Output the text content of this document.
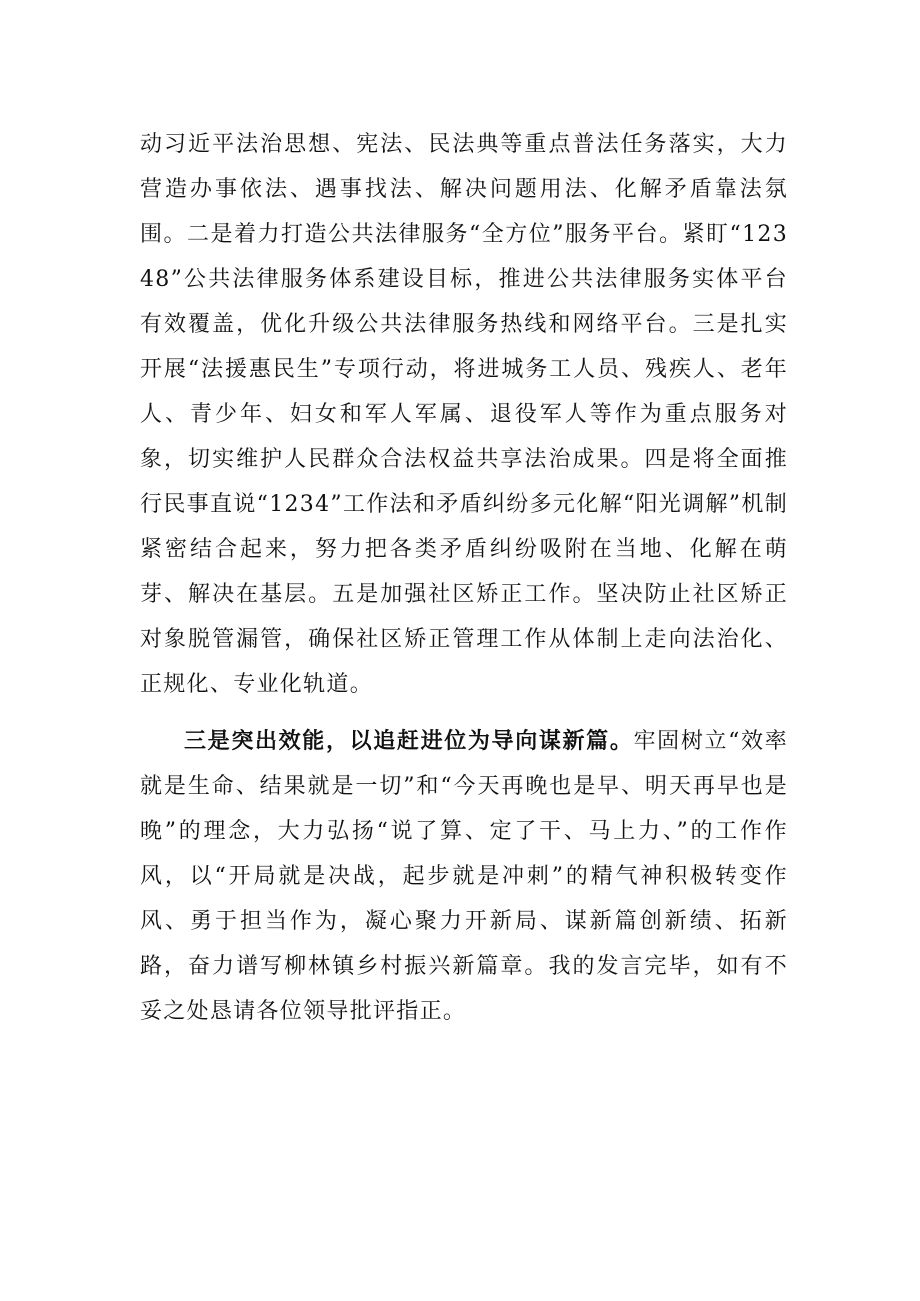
动习近平法治思想、宪法、民法典等重点普法任务落实，大力营造办事依法、遇事找法、解决问题用法、化解矛盾靠法氛围。二是着力打造公共法律服务“全方位”服务平台。紧盯“12348”公共法律服务体系建设目标，推进公共法律服务实体平台有效覆盖，优化升级公共法律服务热线和网络平台。三是扎实开展“法援惠民生”专项行动，将进城务工人员、残疾人、老年人、青少年、妇女和军人军属、退役军人等作为重点服务对象，切实维护人民群众合法权益共享法治成果。四是将全面推行民事直说“1234”工作法和矛盾纠纷多元化解“阳光调解”机制紧密结合起来，努力把各类矛盾纠纷吸附在当地、化解在萌芽、解决在基层。五是加强社区矫正工作。坚决防止社区矫正对象脱管漏管，确保社区矫正管理工作从体制上走向法治化、正规化、专业化轨道。

三是突出效能，以追赶进位为导向谋新篇。牢固树立“效率就是生命、结果就是一切”和“今天再晚也是早、明天再早也是晚”的理念，大力弘扬“说了算、定了干、马上力、”的工作作风，以“开局就是决战，起步就是冲刺”的精气神积极转变作风、勇于担当作为，凝心聚力开新局、谋新篇创新绩、拓新路，奋力谱写柳林镇乡村振兴新篇章。我的发言完毕，如有不妥之处恳请各位领导批评指正。
